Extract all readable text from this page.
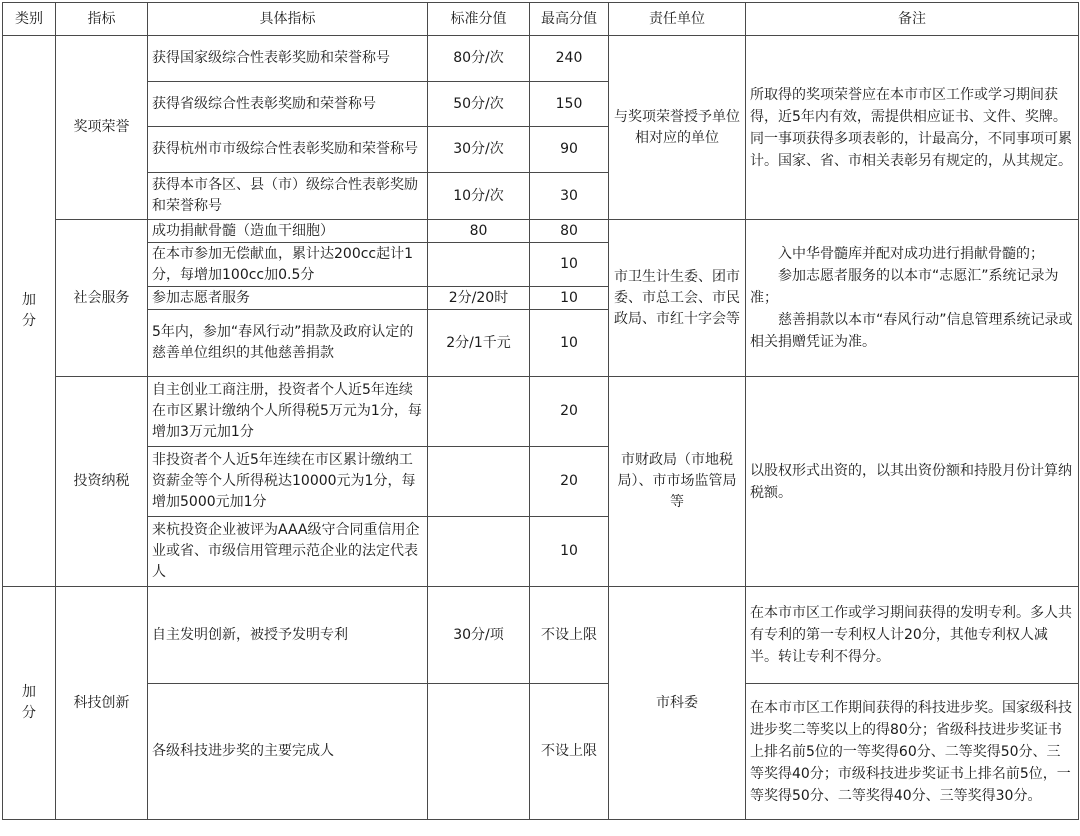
类别	指标	具体指标	标准分值	最高分值	责任单位	备注
加分	奖项荣誉	获得国家级综合性表彰奖励和荣誉称号	80分/次	240	与奖项荣誉授予单位相对应的单位	所取得的奖项荣誉应在本市市区工作或学习期间获得，近5年内有效，需提供相应证书、文件、奖牌。同一事项获得多项表彰的，计最高分，不同事项可累计。国家、省、市相关表彰另有规定的，从其规定。
		获得省级综合性表彰奖励和荣誉称号	50分/次	150		
		获得杭州市市级综合性表彰奖励和荣誉称号	30分/次	90		
		获得本市各区、县（市）级综合性表彰奖励和荣誉称号	10分/次	30		
	社会服务	成功捐献骨髓（造血干细胞）	80	80	市卫生计生委、团市委、市总工会、市民政局、市红十字会等	入中华骨髓库并配对成功进行捐献骨髓的；
参加志愿者服务的以本市“志愿汇”系统记录为准；
慈善捐款以本市“春风行动”信息管理系统记录或相关捐赠凭证为准。

		在本市参加无偿献血，累计达200cc起计1分，每增加100cc加0.5分		10		
		参加志愿者服务	2分/20时	10		
		5年内，参加“春风行动”捐款及政府认定的慈善单位组织的其他慈善捐款	2分/1千元	10		
	投资纳税	自主创业工商注册，投资者个人近5年连续在市区累计缴纳个人所得税5万元为1分，每增加3万元加1分		20	市财政局（市地税局）、市市场监管局等	以股权形式出资的，以其出资份额和持股月份计算纳税额。
		非投资者个人近5年连续在市区累计缴纳工资薪金等个人所得税达10000元为1分，每增加5000元加1分		20		
		来杭投资企业被评为AAA级守合同重信用企业或省、市级信用管理示范企业的法定代表人		10		
加分	科技创新	自主发明创新，被授予发明专利	30分/项	不设上限	市科委	在本市市区工作或学习期间获得的发明专利。多人共有专利的第一专利权人计20分，其他专利权人减半。转让专利不得分。
		各级科技进步奖的主要完成人		不设上限		在本市市区工作期间获得的科技进步奖。国家级科技进步奖二等奖以上的得80分；省级科技进步奖证书上排名前5位的一等奖得60分、二等奖得50分、三等奖得40分；市级科技进步奖证书上排名前5位，一等奖得50分、二等奖得40分、三等奖得30分。
